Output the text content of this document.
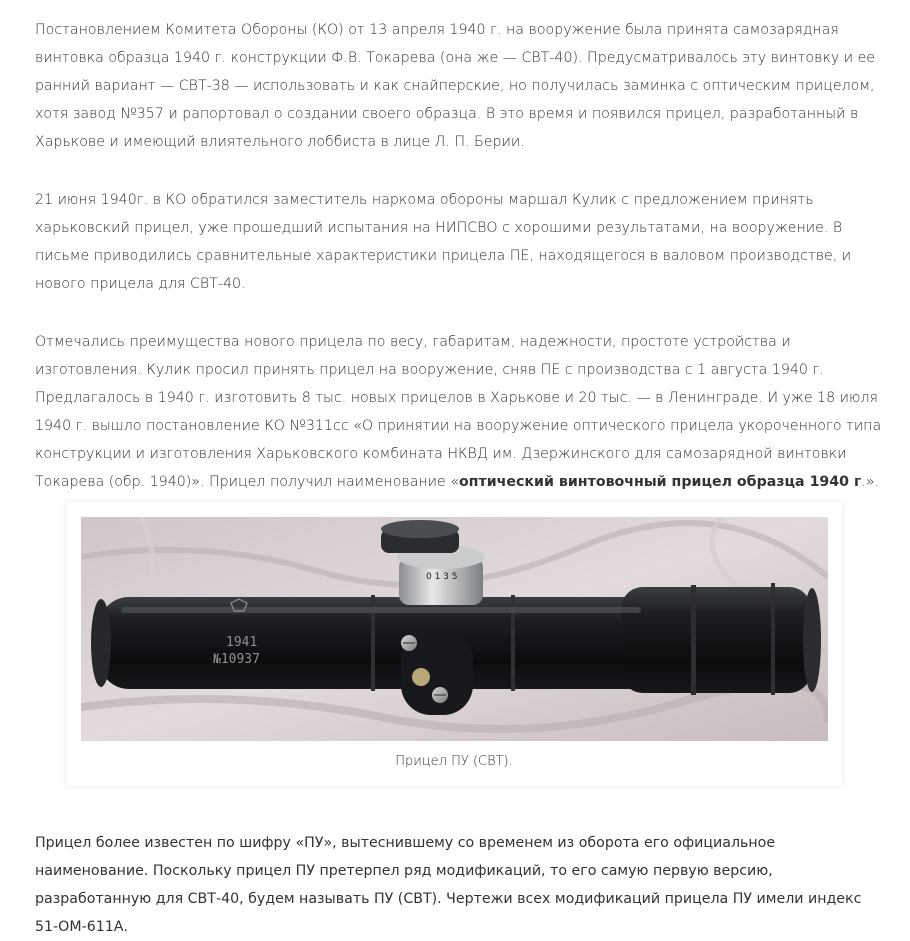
Постановлением Комитета Обороны (КО) от 13 апреля 1940 г. на вооружение была принята самозарядная винтовка образца 1940 г. конструкции Ф.В. Токарева (она же — СВТ-40). Предусматривалось эту винтовку и ее ранний вариант — СВТ-38 — использовать и как снайперские, но получилась заминка с оптическим прицелом, хотя завод №357 и рапортовал о создании своего образца. В это время и появился прицел, разработанный в Харькове и имеющий влиятельного лоббиста в лице Л. П. Берии.

21 июня 1940г. в КО обратился заместитель наркома обороны маршал Кулик с предложением принять харьковский прицел, уже прошедший испытания на НИПСВО с хорошими результатами, на вооружение. В письме приводились сравнительные характеристики прицела ПЕ, находящегося в валовом производстве, и нового прицела для СВТ-40.

Отмечались преимущества нового прицела по весу, габаритам, надежности, простоте устройства и изготовления. Кулик просил принять прицел на вооружение, сняв ПЕ с производства с 1 августа 1940 г. Предлагалось в 1940 г. изготовить 8 тыс. новых прицелов в Харькове и 20 тыс. — в Ленинграде. И уже 18 июля 1940 г. вышло постановление КО №311сс «О принятии на вооружение оптического прицела укороченного типа конструкции и изготовления Харьковского комбината НКВД им. Дзержинского для самозарядной винтовки Токарева (обр. 1940)». Прицел получил наименование «оптический винтовочный прицел образца 1940 г.».

0 1 3 5
1941
№10937
Прицел ПУ (СВТ).

Прицел более известен по шифру «ПУ», вытеснившему со временем из оборота его официальное наименование. Поскольку прицел ПУ претерпел ряд модификаций, то его самую первую версию, разработанную для СВТ-40, будем называть ПУ (СВТ). Чертежи всех модификаций прицела ПУ имели индекс 51-ОМ-611А.
